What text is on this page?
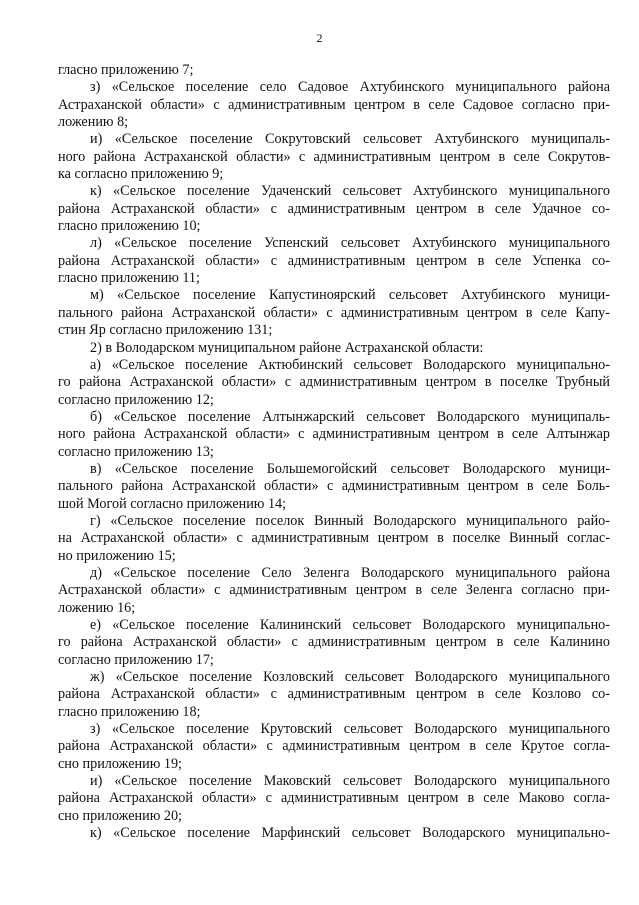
2
гласно приложению 7;
з) «Сельское поселение село Садовое Ахтубинского муниципального района
Астраханской области» с административным центром в селе Садовое согласно при-
ложению 8;
и) «Сельское поселение Сокрутовский сельсовет Ахтубинского муниципаль-
ного района Астраханской области» с административным центром в селе Сокрутов-
ка согласно приложению 9;
к) «Сельское поселение Удаченский сельсовет Ахтубинского муниципального
района Астраханской области» с административным центром в селе Удачное со-
гласно приложению 10;
л) «Сельское поселение Успенский сельсовет Ахтубинского муниципального
района Астраханской области» с административным центром в селе Успенка со-
гласно приложению 11;
м) «Сельское поселение Капустиноярский сельсовет Ахтубинского муници-
пального района Астраханской области» с административным центром в селе Капу-
стин Яр согласно приложению 131;
2) в Володарском муниципальном районе Астраханской области:
а) «Сельское поселение Актюбинский сельсовет Володарского муниципально-
го района Астраханской области» с административным центром в поселке Трубный
согласно приложению 12;
б) «Сельское поселение Алтынжарский сельсовет Володарского муниципаль-
ного района Астраханской области» с административным центром в селе Алтынжар
согласно приложению 13;
в) «Сельское поселение Большемогойский сельсовет Володарского муници-
пального района Астраханской области» с административным центром в селе Боль-
шой Могой согласно приложению 14;
г) «Сельское поселение поселок Винный Володарского муниципального райо-
на Астраханской области» с административным центром в поселке Винный соглас-
но приложению 15;
д) «Сельское поселение Село Зеленга Володарского муниципального района
Астраханской области» с административным центром в селе Зеленга согласно при-
ложению 16;
е) «Сельское поселение Калининский сельсовет Володарского муниципально-
го района Астраханской области» с административным центром в селе Калинино
согласно приложению 17;
ж) «Сельское поселение Козловский сельсовет Володарского муниципального
района Астраханской области» с административным центром в селе Козлово со-
гласно приложению 18;
з) «Сельское поселение Крутовский сельсовет Володарского муниципального
района Астраханской области» с административным центром в селе Крутое согла-
сно приложению 19;
и) «Сельское поселение Маковский сельсовет Володарского муниципального
района Астраханской области» с административным центром в селе Маково согла-
сно приложению 20;
к) «Сельское поселение Марфинский сельсовет Володарского муниципально-
